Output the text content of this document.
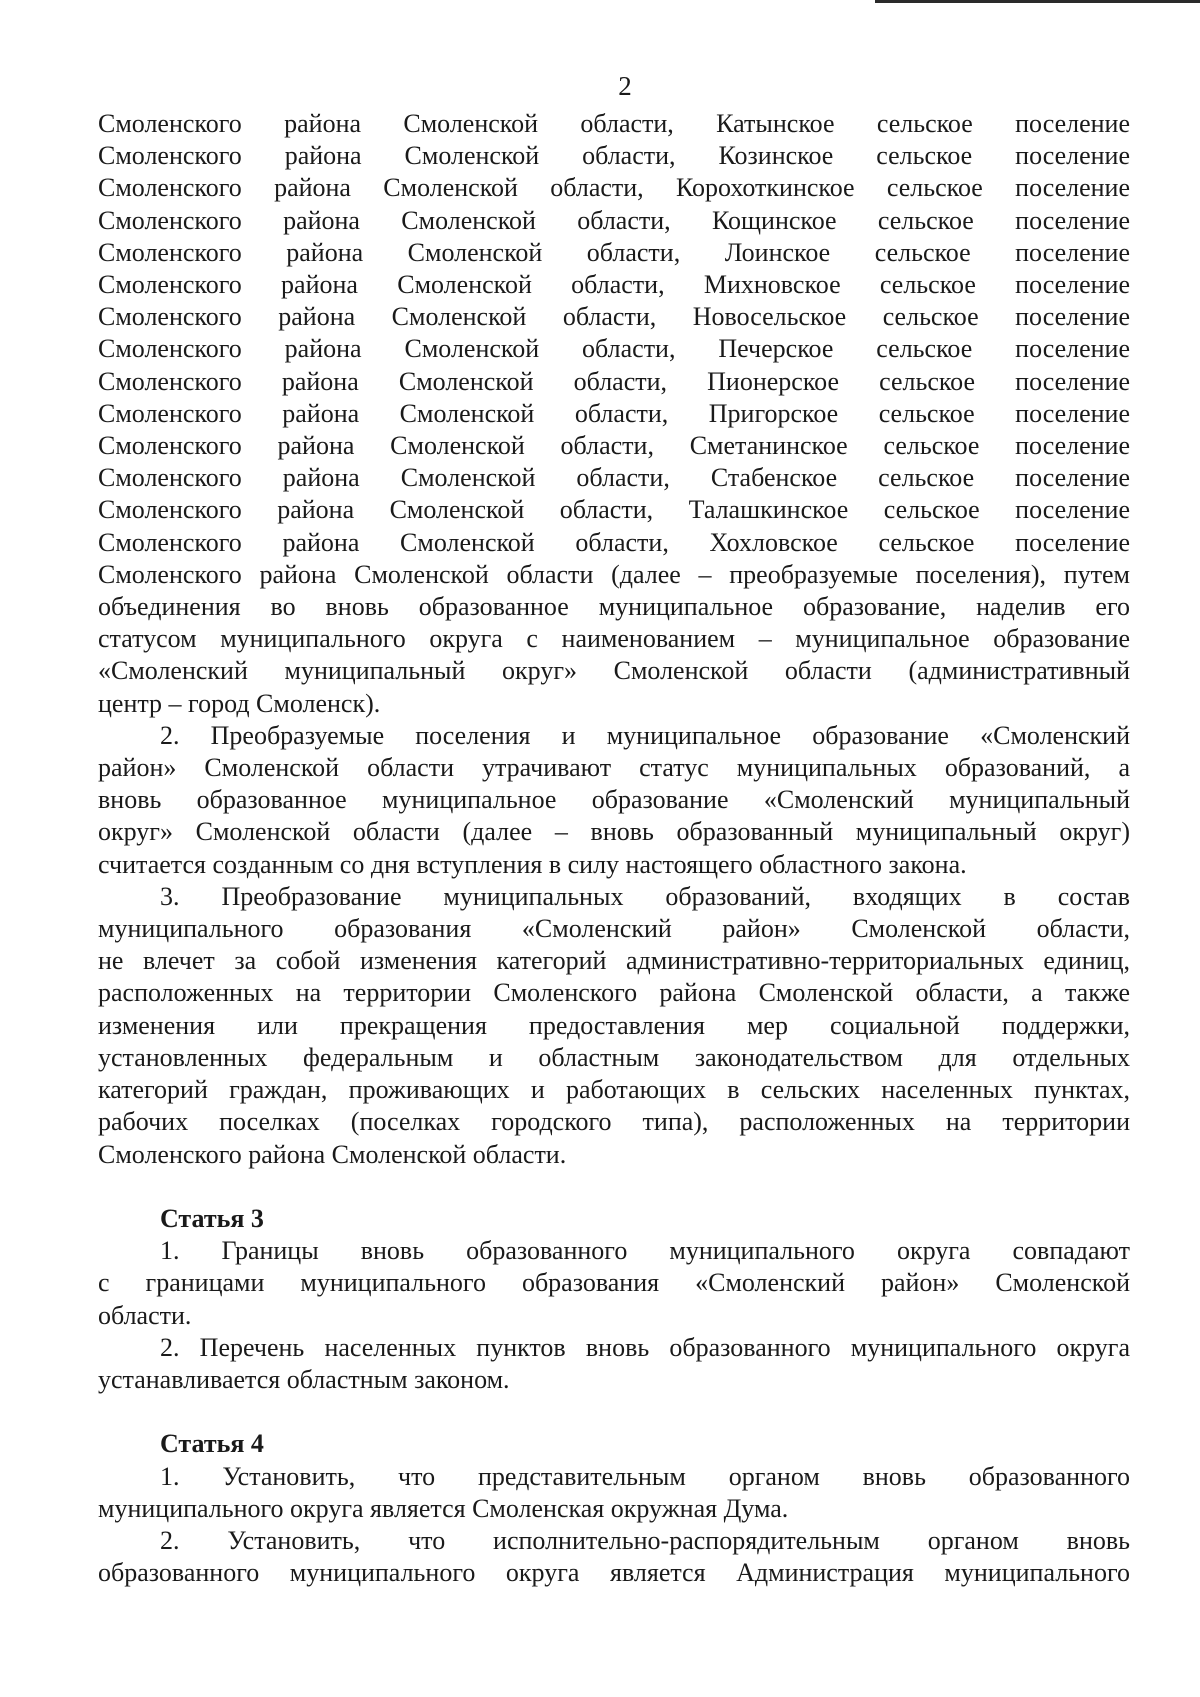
2
Смоленского района Смоленской области, Катынское сельское поселение
Смоленского района Смоленской области, Козинское сельское поселение
Смоленского района Смоленской области, Корохоткинское сельское поселение
Смоленского района Смоленской области, Кощинское сельское поселение
Смоленского района Смоленской области, Лоинское сельское поселение
Смоленского района Смоленской области, Михновское сельское поселение
Смоленского района Смоленской области, Новосельское сельское поселение
Смоленского района Смоленской области, Печерское сельское поселение
Смоленского района Смоленской области, Пионерское сельское поселение
Смоленского района Смоленской области, Пригорское сельское поселение
Смоленского района Смоленской области, Сметанинское сельское поселение
Смоленского района Смоленской области, Стабенское сельское поселение
Смоленского района Смоленской области, Талашкинское сельское поселение
Смоленского района Смоленской области, Хохловское сельское поселение
Смоленского района Смоленской области (далее – преобразуемые поселения), путем
объединения во вновь образованное муниципальное образование, наделив его
статусом муниципального округа с наименованием – муниципальное образование
«Смоленский муниципальный округ» Смоленской области (административный
центр – город Смоленск).
2. Преобразуемые поселения и муниципальное образование «Смоленский
район» Смоленской области утрачивают статус муниципальных образований, а
вновь образованное муниципальное образование «Смоленский муниципальный
округ» Смоленской области (далее – вновь образованный муниципальный округ)
считается созданным со дня вступления в силу настоящего областного закона.
3. Преобразование муниципальных образований, входящих в состав
муниципального образования «Смоленский район» Смоленской области,
не влечет за собой изменения категорий административно-территориальных единиц,
расположенных на территории Смоленского района Смоленской области, а также
изменения или прекращения предоставления мер социальной поддержки,
установленных федеральным и областным законодательством для отдельных
категорий граждан, проживающих и работающих в сельских населенных пунктах,
рабочих поселках (поселках городского типа), расположенных на территории
Смоленского района Смоленской области.
Статья 3
1. Границы вновь образованного муниципального округа совпадают
с границами муниципального образования «Смоленский район» Смоленской
области.
2. Перечень населенных пунктов вновь образованного муниципального округа
устанавливается областным законом.
Статья 4
1. Установить, что представительным органом вновь образованного
муниципального округа является Смоленская окружная Дума.
2. Установить, что исполнительно-распорядительным органом вновь
образованного муниципального округа является Администрация муниципального
